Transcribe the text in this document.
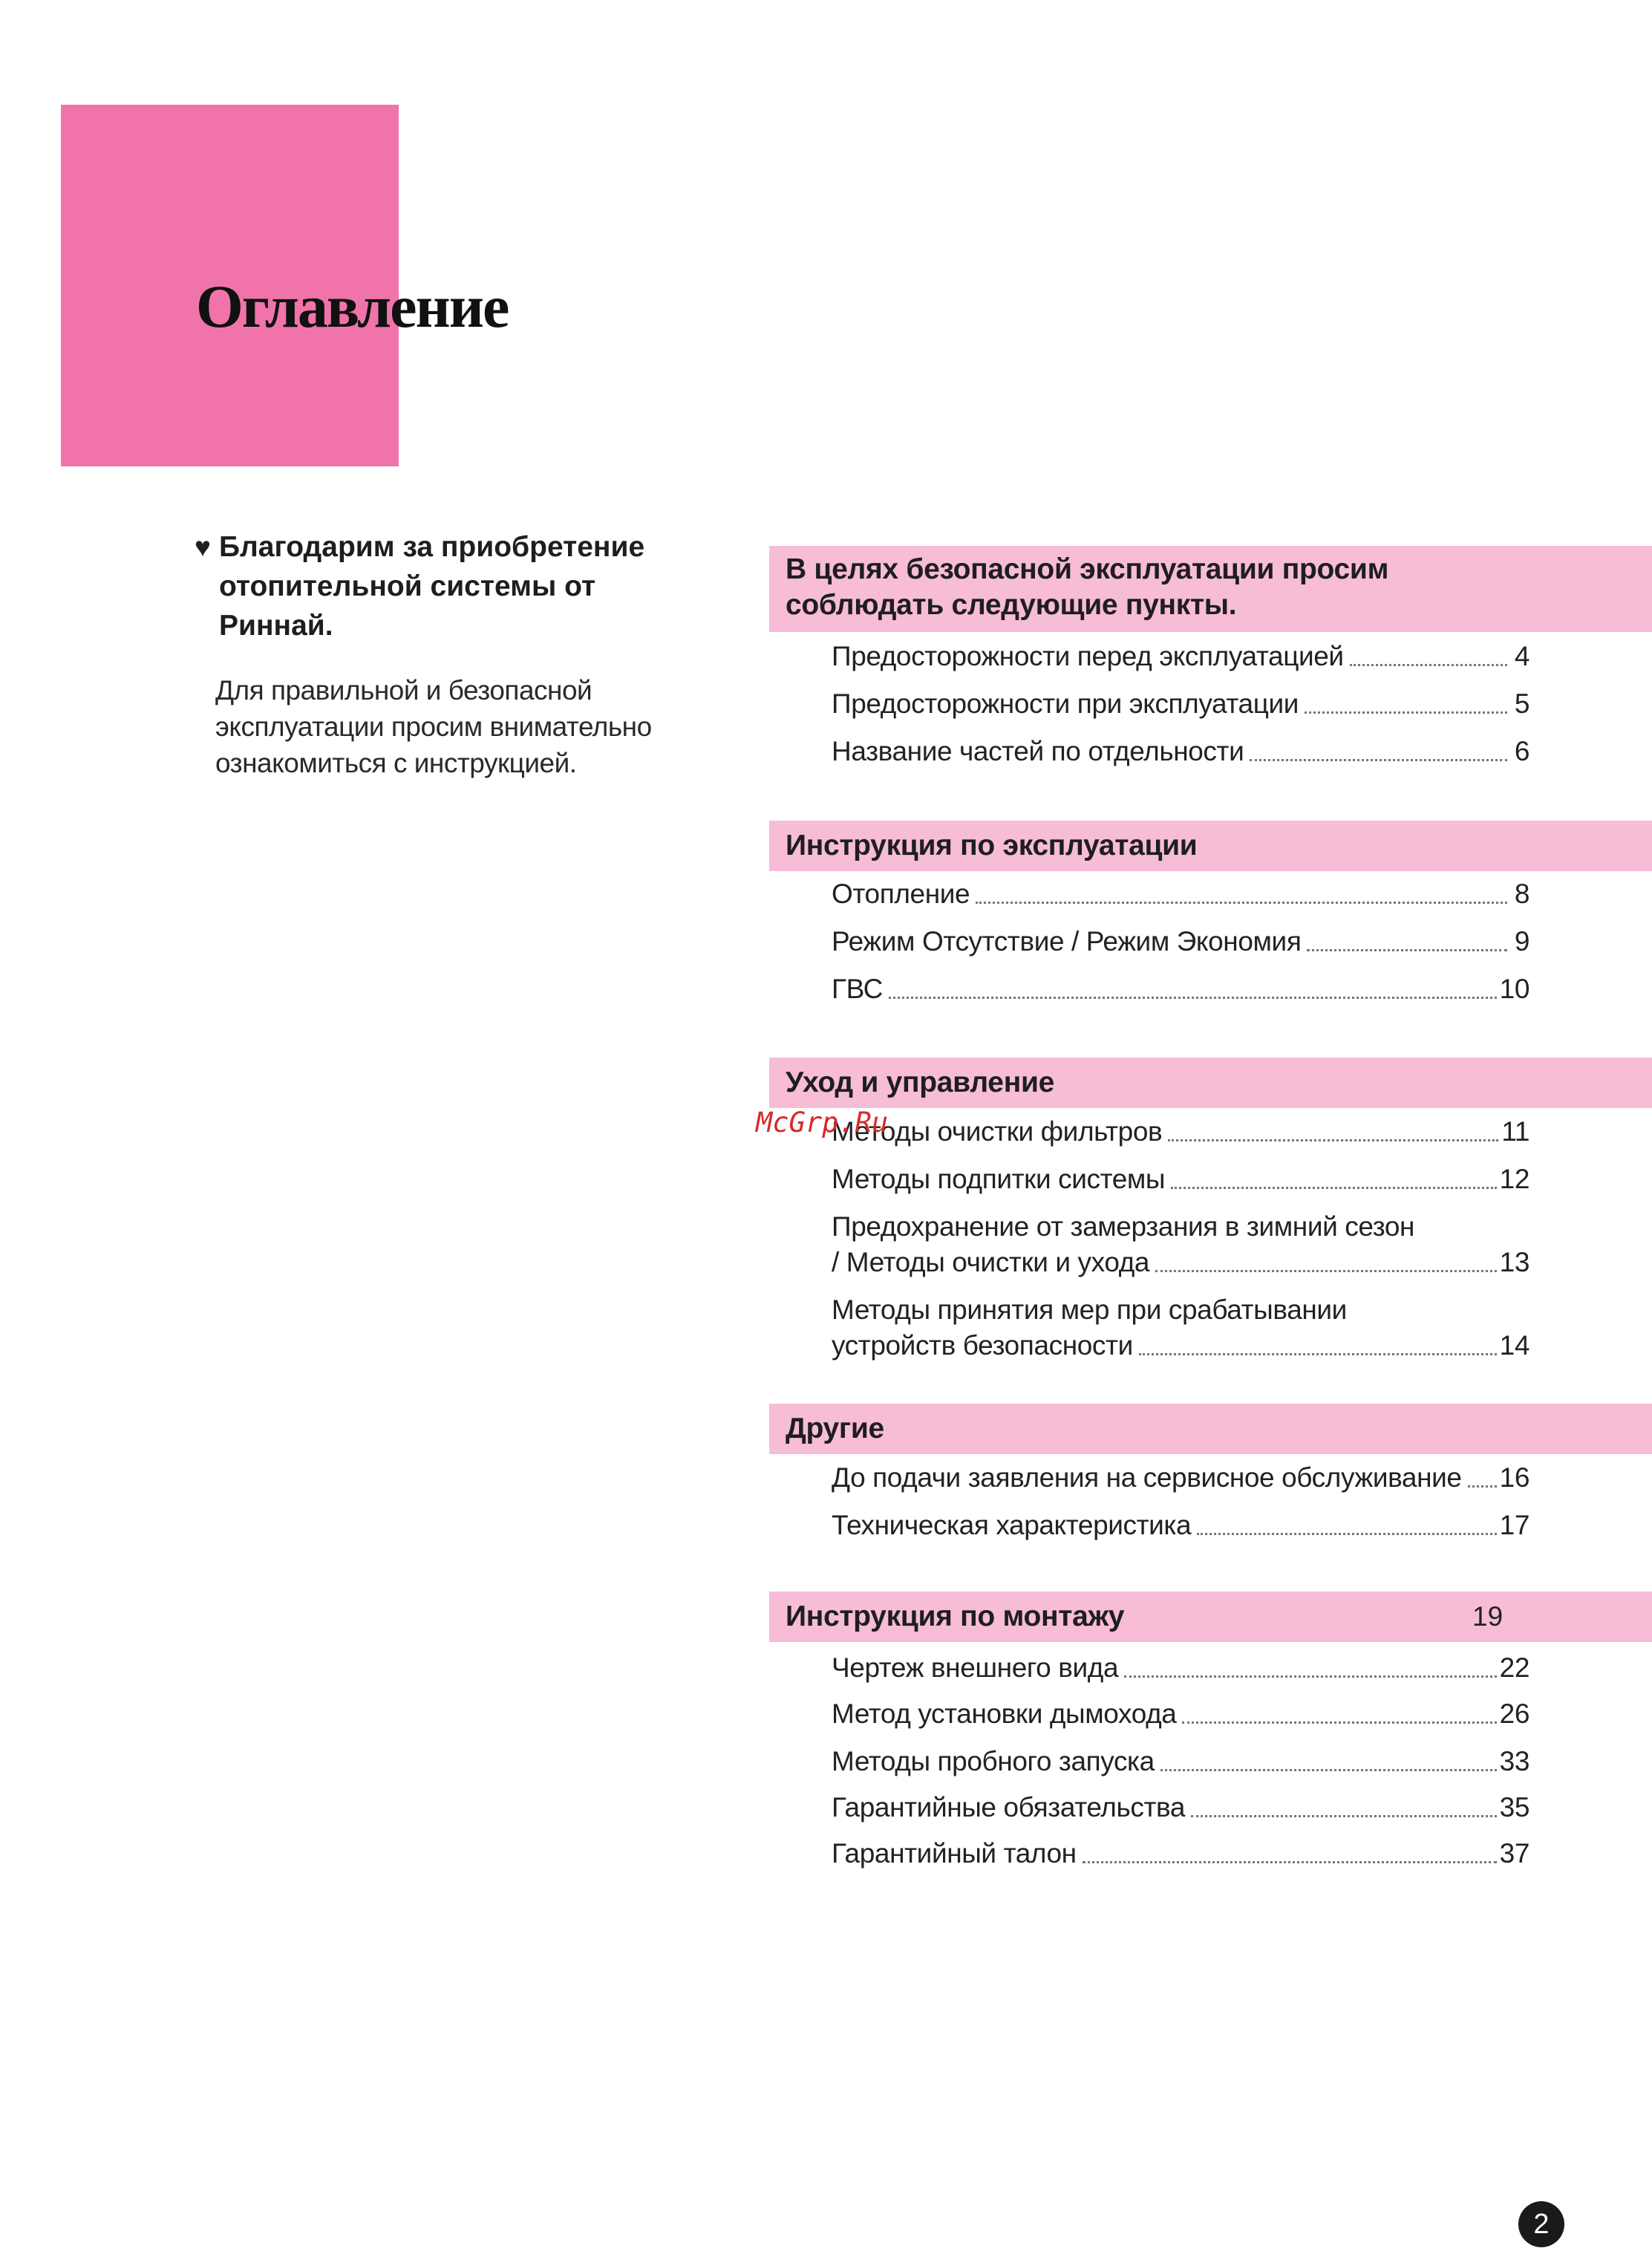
Оглавление
♥ Благодарим за приобретение
отопительной системы от
Риннай.
Для правильной и безопасной
эксплуатации просим внимательно
ознакомиться с инструкцией.
В целях безопасной эксплуатации просим
соблюдать следующие пункты.
Предосторожности перед эксплуатацией	4
Предосторожности при эксплуатации	5
Название частей по отдельности	6
Инструкция по эксплуатации
Отопление	8
Режим Отсутствие / Режим Экономия	9
ГВС	10
Уход и управление
Методы очистки фильтров	11
Методы подпитки системы	12
Предохранение от замерзания в зимний сезон
/ Методы очистки и ухода	13
Методы принятия мер при срабатывании
устройств безопасности	14
Другие
До подачи заявления на сервисное обслуживание 16
Техническая характеристика	17
Инструкция по монтажу	19
Чертеж внешнего вида	22
Метод установки дымохода	26
Методы пробного запуска	33
Гарантийные обязательства	35
Гарантийный талон	37
McGrp.Ru
2
